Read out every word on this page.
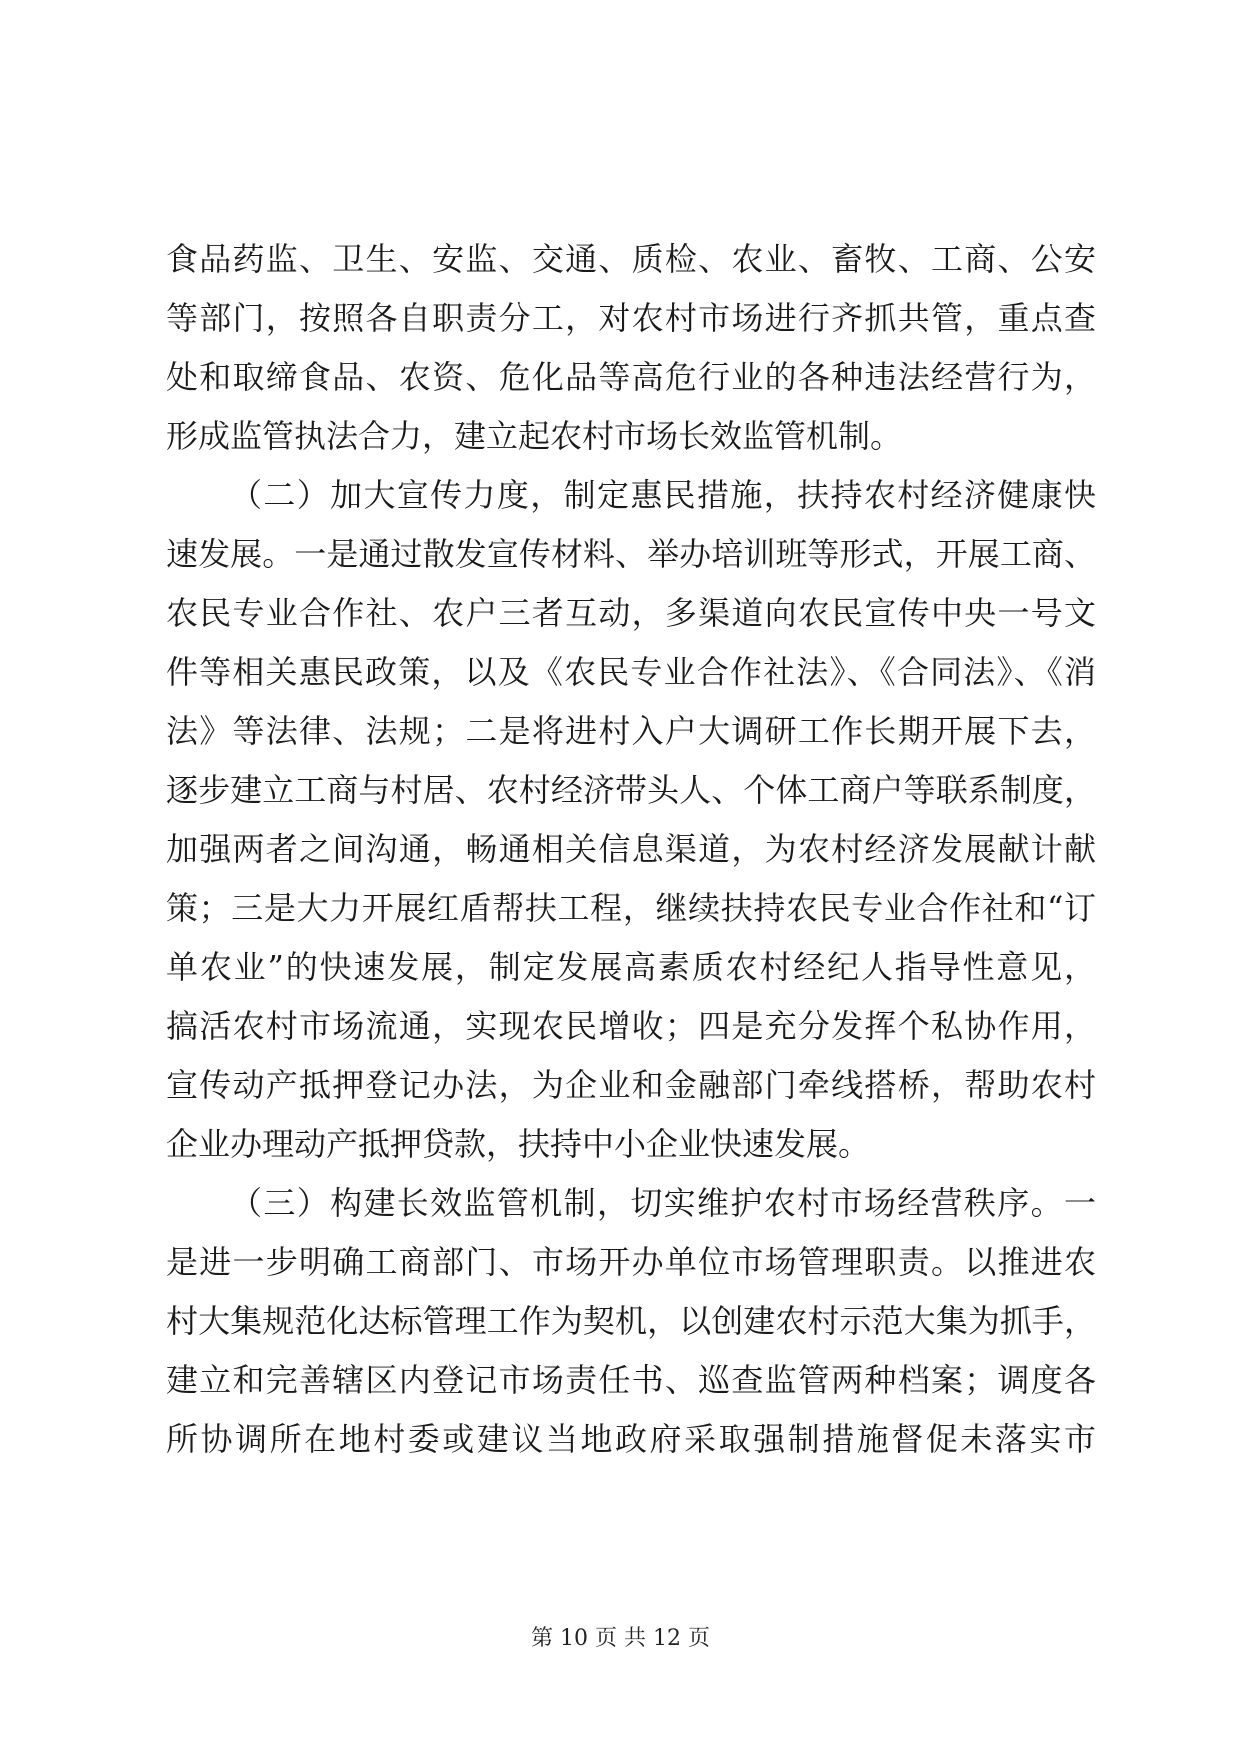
食品药监、卫生、安监、交通、质检、农业、畜牧、工商、公安
等部门，按照各自职责分工，对农村市场进行齐抓共管，重点查
处和取缔食品、农资、危化品等高危行业的各种违法经营行为，
形成监管执法合力，建立起农村市场长效监管机制。
（二）加大宣传力度，制定惠民措施，扶持农村经济健康快
速发展。一是通过散发宣传材料、举办培训班等形式，开展工商、
农民专业合作社、农户三者互动，多渠道向农民宣传中央一号文
件等相关惠民政策，以及《农民专业合作社法》、《合同法》、《消
法》等法律、法规；二是将进村入户大调研工作长期开展下去，
逐步建立工商与村居、农村经济带头人、个体工商户等联系制度，
加强两者之间沟通，畅通相关信息渠道，为农村经济发展献计献
策；三是大力开展红盾帮扶工程，继续扶持农民专业合作社和“订
单农业”的快速发展，制定发展高素质农村经纪人指导性意见，
搞活农村市场流通，实现农民增收；四是充分发挥个私协作用，
宣传动产抵押登记办法，为企业和金融部门牵线搭桥，帮助农村
企业办理动产抵押贷款，扶持中小企业快速发展。
（三）构建长效监管机制，切实维护农村市场经营秩序。一
是进一步明确工商部门、市场开办单位市场管理职责。以推进农
村大集规范化达标管理工作为契机，以创建农村示范大集为抓手，
建立和完善辖区内登记市场责任书、巡查监管两种档案；调度各
所协调所在地村委或建议当地政府采取强制措施督促未落实市
第 10 页 共 12 页
